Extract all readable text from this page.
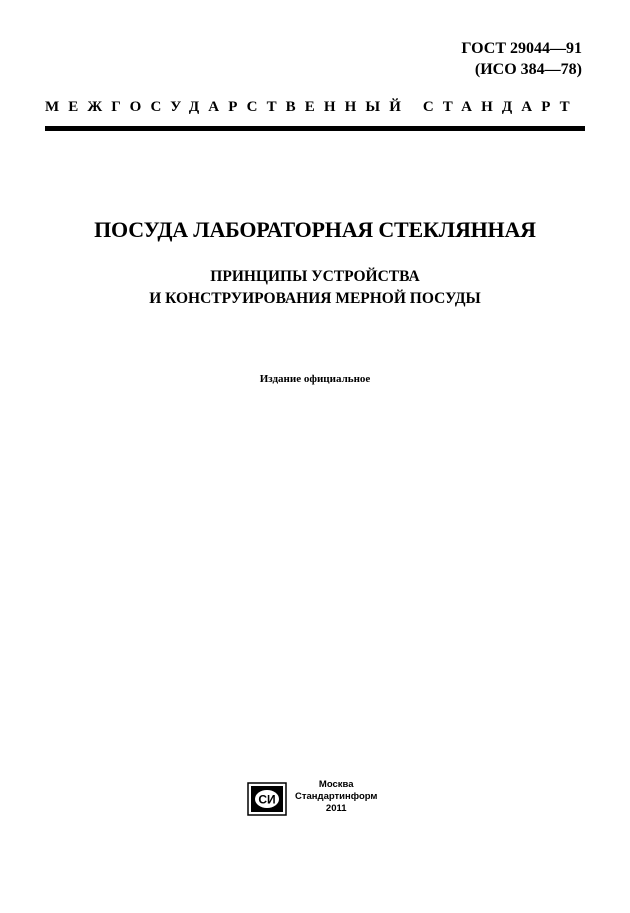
ГОСТ 29044—91
(ИСО 384—78)
МЕЖГОСУДАРСТВЕННЫЙ СТАНДАРТ
ПОСУДА ЛАБОРАТОРНАЯ СТЕКЛЯННАЯ
ПРИНЦИПЫ УСТРОЙСТВА
И КОНСТРУИРОВАНИЯ МЕРНОЙ ПОСУДЫ
Издание официальное
СИ
Москва
Стандартинформ
2011
